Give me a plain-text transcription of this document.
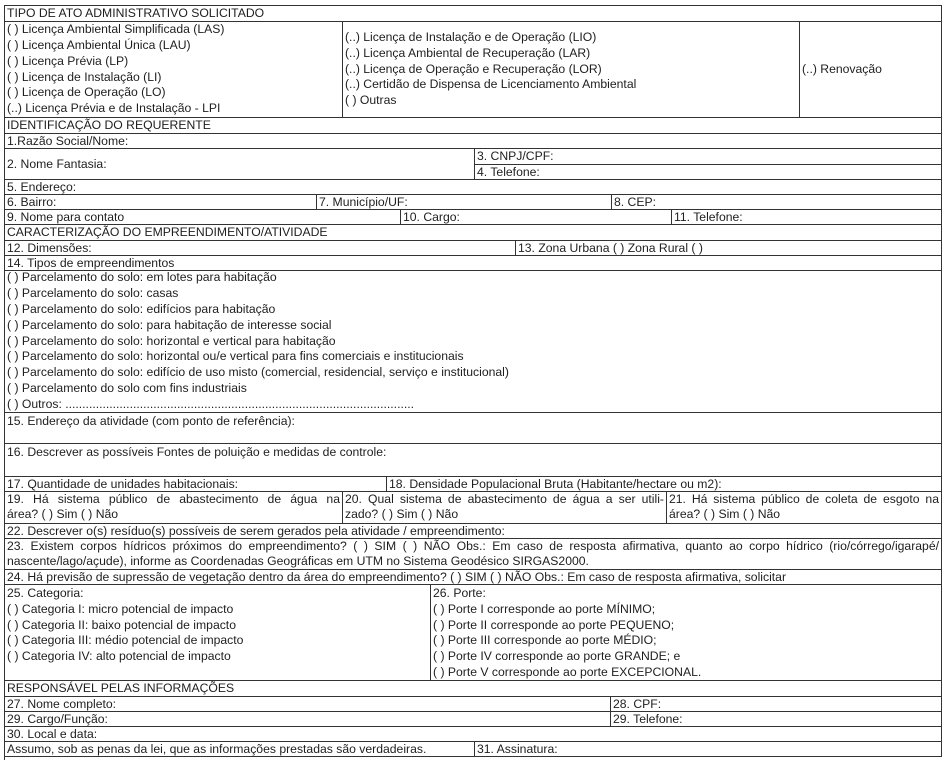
TIPO DE ATO ADMINISTRATIVO SOLICITADO
( ) Licença Ambiental Simplificada (LAS)
( ) Licença Ambiental Única (LAU)
( ) Licença Prévia (LP)
( ) Licença de Instalação (LI)
( ) Licença de Operação (LO)
(..) Licença Prévia e de Instalação - LPI
(..) Licença de Instalação e de Operação (LIO)
(..) Licença Ambiental de Recuperação (LAR)
(..) Licença de Operação e Recuperação (LOR)
(..) Certidão de Dispensa de Licenciamento Ambiental
( ) Outras
(..) Renovação
IDENTIFICAÇÃO DO REQUERENTE
1.Razão Social/Nome:
2. Nome Fantasia:
3. CNPJ/CPF:
4. Telefone:
5. Endereço:
6. Bairro:	7. Município/UF:	8. CEP:
9. Nome para contato	10. Cargo:	11. Telefone:
CARACTERIZAÇÃO DO EMPREENDIMENTO/ATIVIDADE
12. Dimensões:	13. Zona Urbana ( ) Zona Rural ( )
14. Tipos de empreendimentos
( ) Parcelamento do solo: em lotes para habitação
( ) Parcelamento do solo: casas
( ) Parcelamento do solo: edifícios para habitação
( ) Parcelamento do solo: para habitação de interesse social
( ) Parcelamento do solo: horizontal e vertical para habitação
( ) Parcelamento do solo: horizontal ou/e vertical para fins comerciais e institucionais
( ) Parcelamento do solo: edifício de uso misto (comercial, residencial, serviço e institucional)
( ) Parcelamento do solo com fins industriais
( ) Outros: .......................................................................................................
15. Endereço da atividade (com ponto de referência):
16. Descrever as possíveis Fontes de poluição e medidas de controle:
17. Quantidade de unidades habitacionais:	18. Densidade Populacional Bruta (Habitante/hectare ou m2):
19. Há sistema público de abastecimento de água na
área? ( ) Sim ( ) Não
20. Qual sistema de abastecimento de água a ser utili-
zado? ( ) Sim ( ) Não
21. Há sistema público de coleta de esgoto na
área? ( ) Sim ( ) Não
22. Descrever o(s) resíduo(s) possíveis de serem gerados pela atividade / empreendimento:
23. Existem corpos hídricos próximos do empreendimento? ( ) SIM ( ) NÃO Obs.: Em caso de resposta afirmativa, quanto ao corpo hídrico (rio/córrego/igarapé/
nascente/lago/açude), informe as Coordenadas Geográficas em UTM no Sistema Geodésico SIRGAS2000.
24. Há previsão de supressão de vegetação dentro da área do empreendimento? ( ) SIM ( ) NÃO Obs.: Em caso de resposta afirmativa, solicitar
25. Categoria:
( ) Categoria I: micro potencial de impacto
( ) Categoria II: baixo potencial de impacto
( ) Categoria III: médio potencial de impacto
( ) Categoria IV: alto potencial de impacto
26. Porte:
( ) Porte I corresponde ao porte MÍNIMO;
( ) Porte II corresponde ao porte PEQUENO;
( ) Porte III corresponde ao porte MÉDIO;
( ) Porte IV corresponde ao porte GRANDE; e
( ) Porte V corresponde ao porte EXCEPCIONAL.
RESPONSÁVEL PELAS INFORMAÇÕES
27. Nome completo:	28. CPF:
29. Cargo/Função:	29. Telefone:
30. Local e data:
Assumo, sob as penas da lei, que as informações prestadas são verdadeiras.	31. Assinatura:
